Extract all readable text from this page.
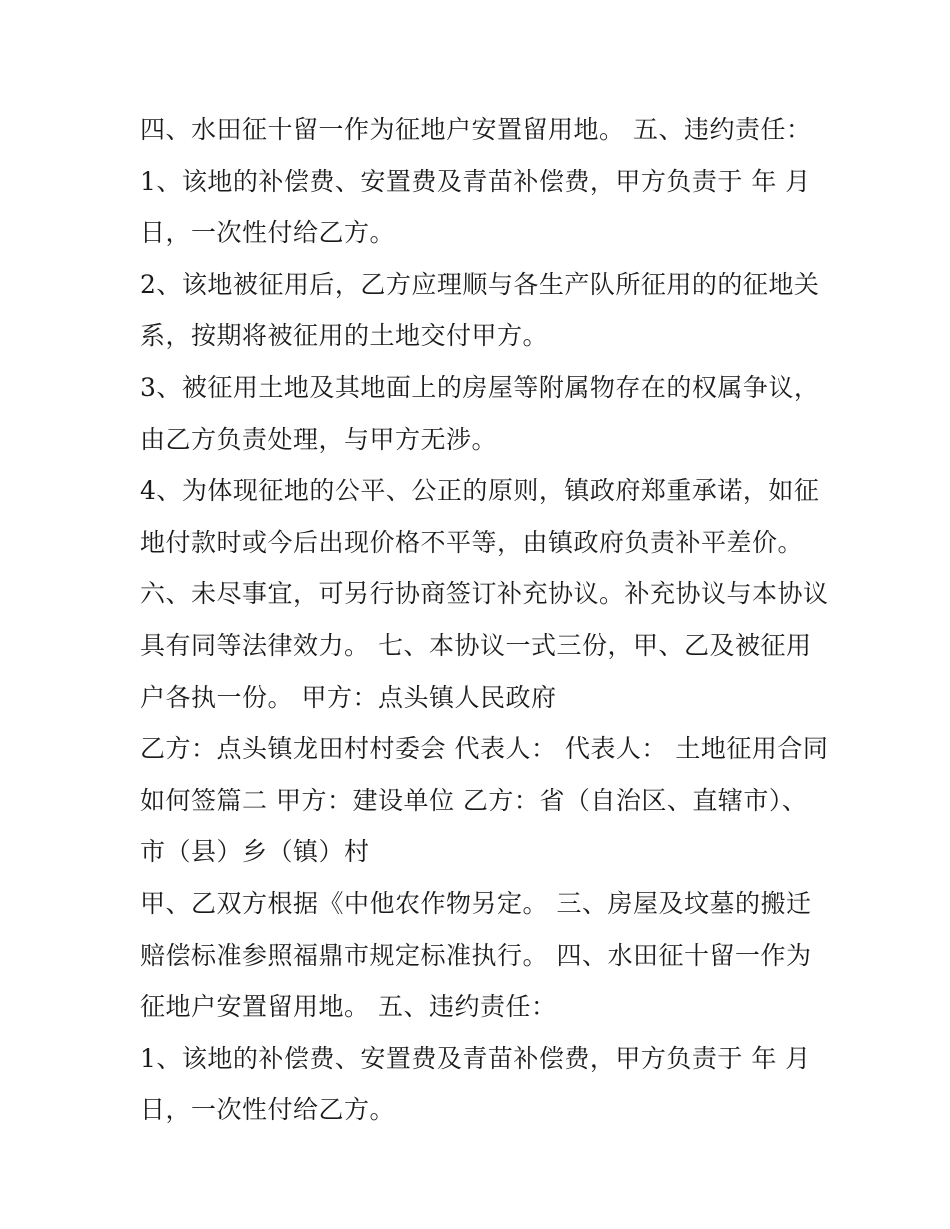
四、水田征十留一作为征地户安置留用地。 五、违约责任：
1、该地的补偿费、安置费及青苗补偿费，甲方负责于 年 月
日，一次性付给乙方。
2、该地被征用后，乙方应理顺与各生产队所征用的的征地关
系，按期将被征用的土地交付甲方。
3、被征用土地及其地面上的房屋等附属物存在的权属争议，
由乙方负责处理，与甲方无涉。
4、为体现征地的公平、公正的原则，镇政府郑重承诺，如征
地付款时或今后出现价格不平等，由镇政府负责补平差价。
六、未尽事宜，可另行协商签订补充协议。补充协议与本协议
具有同等法律效力。 七、本协议一式三份，甲、乙及被征用
户各执一份。 甲方：点头镇人民政府
乙方：点头镇龙田村村委会 代表人： 代表人： 土地征用合同
如何签篇二 甲方：建设单位 乙方：省（自治区、直辖市）、
市（县）乡（镇）村
甲、乙双方根据《中他农作物另定。 三、房屋及坟墓的搬迁
赔偿标准参照福鼎市规定标准执行。 四、水田征十留一作为
征地户安置留用地。 五、违约责任：
1、该地的补偿费、安置费及青苗补偿费，甲方负责于 年 月
日，一次性付给乙方。
